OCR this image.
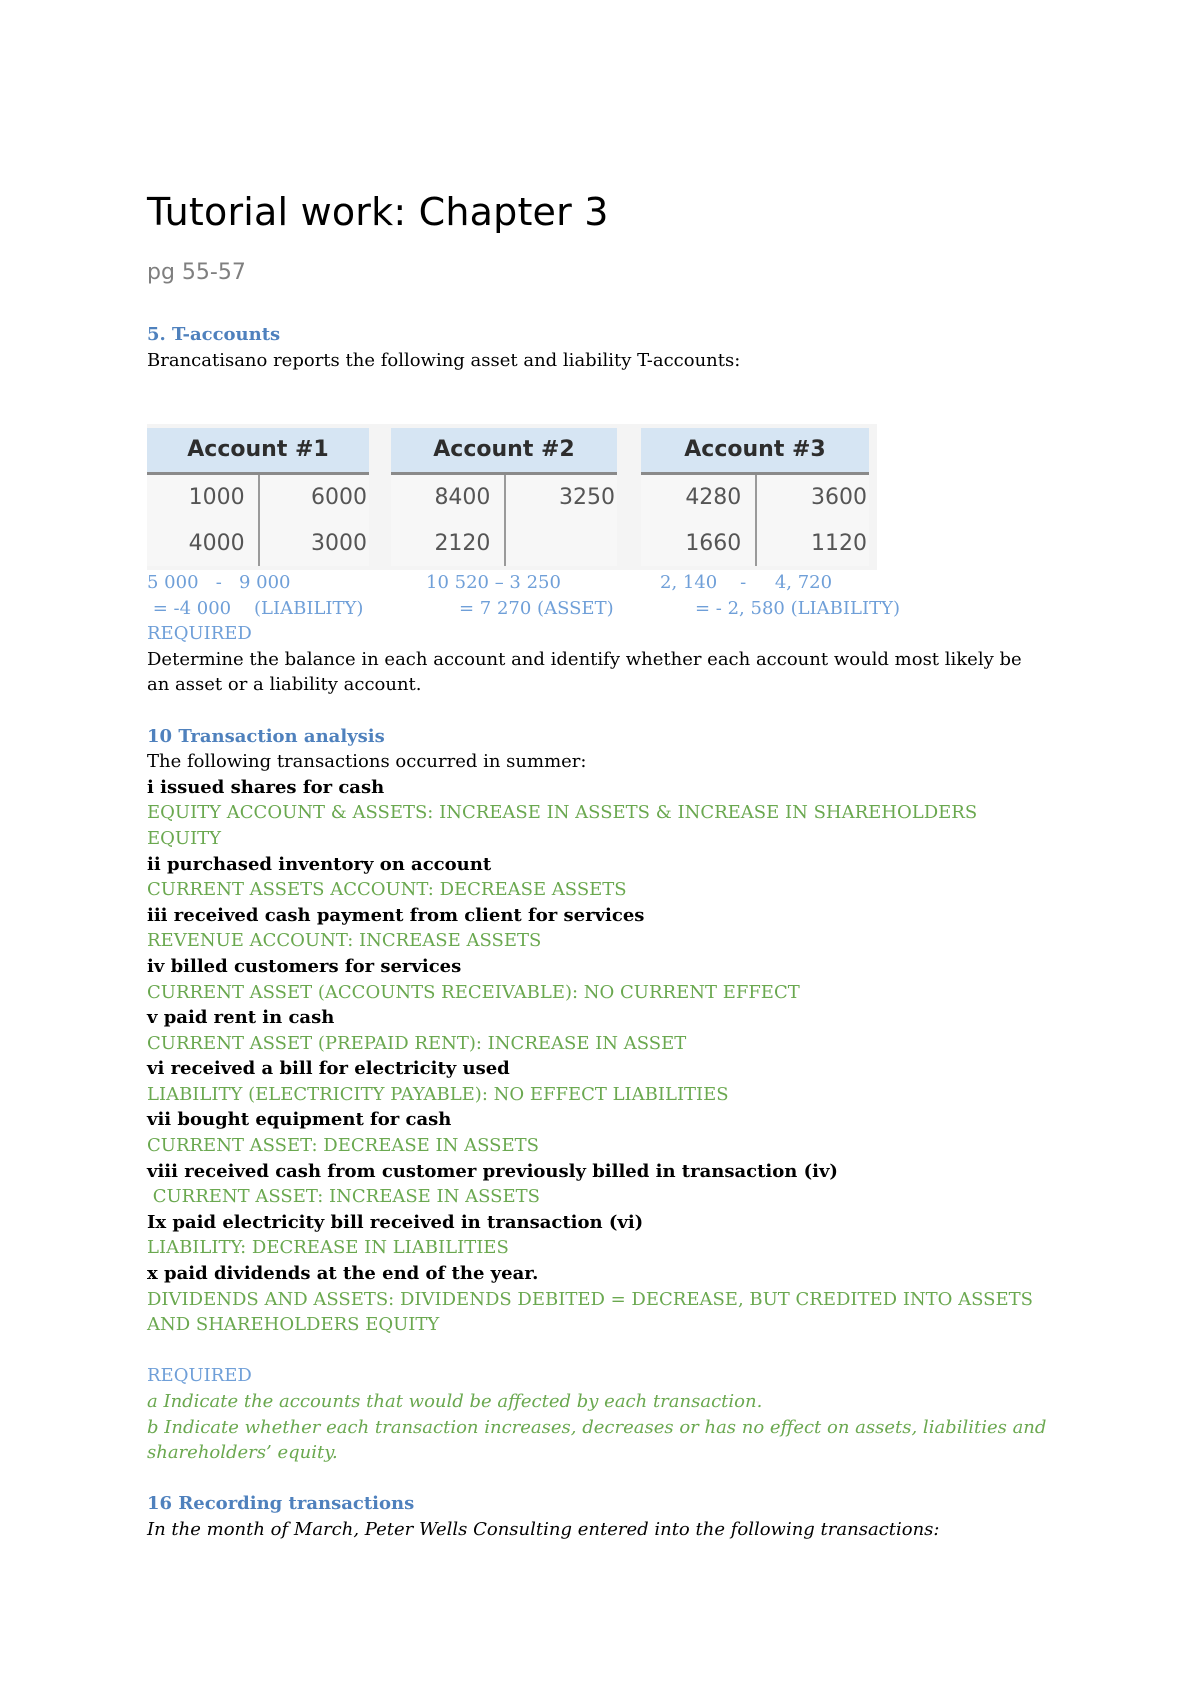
Tutorial work: Chapter 3

pg 55-57

5. T-accounts

Brancatisano reports the following asset and liability T-accounts:

Account #1
1000
4000
6000
3000
Account #2
8400
2120
3250
Account #3
4280
1660
3600
1120
5 000   -   9 000
= -4 000    (LIABILITY)
10 520 – 3 250
= 7 270 (ASSET)
2, 140    -     4, 720
= - 2, 580 (LIABILITY)

REQUIRED

Determine the balance in each account and identify whether each account would most likely be an asset or a liability account.

10 Transaction analysis

The following transactions occurred in summer:

i issued shares for cash

EQUITY ACCOUNT & ASSETS: INCREASE IN ASSETS & INCREASE IN SHAREHOLDERS EQUITY

ii purchased inventory on account

CURRENT ASSETS ACCOUNT: DECREASE ASSETS

iii received cash payment from client for services

REVENUE ACCOUNT: INCREASE ASSETS

iv billed customers for services

CURRENT ASSET (ACCOUNTS RECEIVABLE): NO CURRENT EFFECT

v paid rent in cash

CURRENT ASSET (PREPAID RENT): INCREASE IN ASSET

vi received a bill for electricity used

LIABILITY (ELECTRICITY PAYABLE): NO EFFECT LIABILITIES

vii bought equipment for cash

CURRENT ASSET: DECREASE IN ASSETS

viii received cash from customer previously billed in transaction (iv)

CURRENT ASSET: INCREASE IN ASSETS

Ix paid electricity bill received in transaction (vi)

LIABILITY: DECREASE IN LIABILITIES

x paid dividends at the end of the year.

DIVIDENDS AND ASSETS: DIVIDENDS DEBITED = DECREASE, BUT CREDITED INTO ASSETS AND SHAREHOLDERS EQUITY

REQUIRED

a Indicate the accounts that would be affected by each transaction.

b Indicate whether each transaction increases, decreases or has no effect on assets, liabilities and shareholders’ equity.

16 Recording transactions

In the month of March, Peter Wells Consulting entered into the following transactions:
